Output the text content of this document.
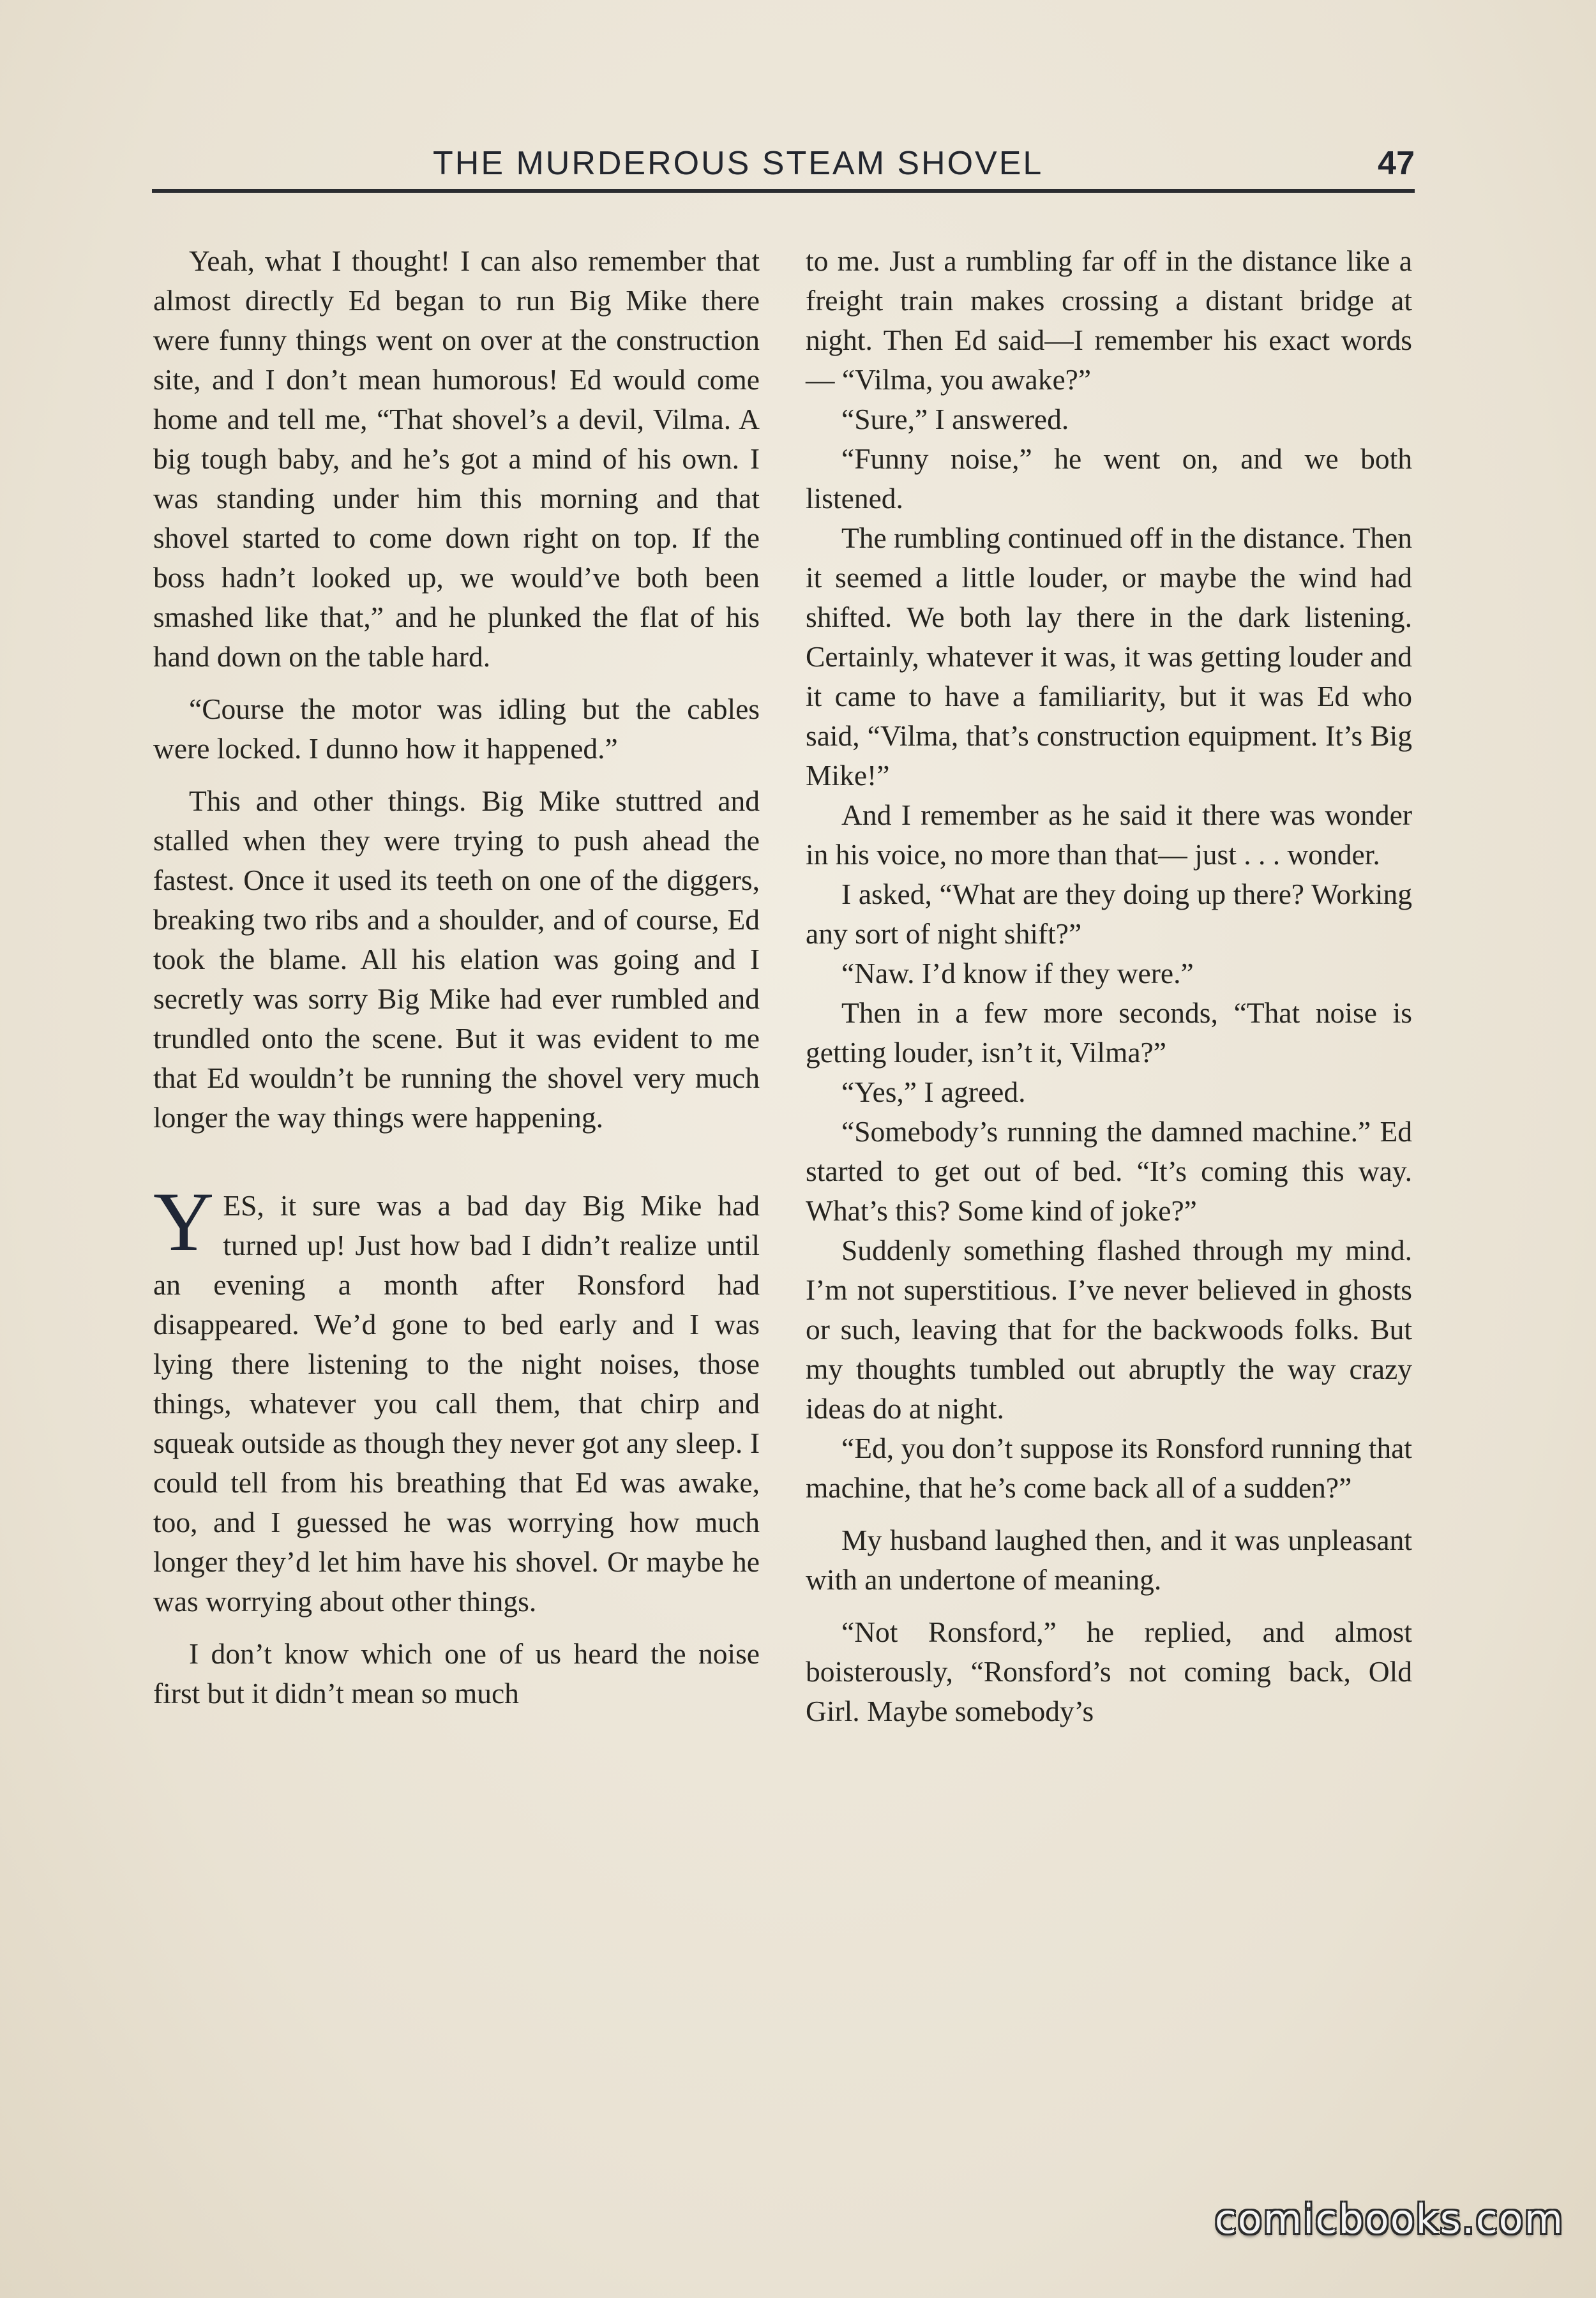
THE MURDEROUS STEAM SHOVEL	47

Yeah, what I thought! I can also remember that almost directly Ed began to run Big Mike there were funny things went on over at the construction site, and I don’t mean humorous! Ed would come home and tell me, “That shovel’s a devil, Vilma. A big tough baby, and he’s got a mind of his own. I was standing under him this morning and that shovel started to come down right on top. If the boss hadn’t looked up, we would’ve both been smashed like that,” and he plunked the flat of his hand down on the table hard.

“Course the motor was idling but the cables were locked. I dunno how it happened.”

This and other things. Big Mike stuttred and stalled when they were trying to push ahead the fastest. Once it used its teeth on one of the diggers, breaking two ribs and a shoulder, and of course, Ed took the blame. All his elation was going and I secretly was sorry Big Mike had ever rumbled and trundled onto the scene. But it was evident to me that Ed wouldn’t be running the shovel very much longer the way things were happening.

YES, it sure was a bad day Big Mike had turned up! Just how bad I didn’t realize until an evening a month after Ronsford had disappeared. We’d gone to bed early and I was lying there listening to the night noises, those things, whatever you call them, that chirp and squeak outside as though they never got any sleep. I could tell from his breathing that Ed was awake, too, and I guessed he was worrying how much longer they’d let him have his shovel. Or maybe he was worrying about other things.

I don’t know which one of us heard the noise first but it didn’t mean so much

to me. Just a rumbling far off in the distance like a freight train makes crossing a distant bridge at night. Then Ed said—I remember his exact words— “Vilma, you awake?”

“Sure,” I answered.

“Funny noise,” he went on, and we both listened.

The rumbling continued off in the distance. Then it seemed a little louder, or maybe the wind had shifted. We both lay there in the dark listening. Certainly, whatever it was, it was getting louder and it came to have a familiarity, but it was Ed who said, “Vilma, that’s construction equipment. It’s Big Mike!”

And I remember as he said it there was wonder in his voice, no more than that— just . . . wonder.

I asked, “What are they doing up there? Working any sort of night shift?”

“Naw. I’d know if they were.”

Then in a few more seconds, “That noise is getting louder, isn’t it, Vilma?”

“Yes,” I agreed.

“Somebody’s running the damned machine.” Ed started to get out of bed. “It’s coming this way. What’s this? Some kind of joke?”

Suddenly something flashed through my mind. I’m not superstitious. I’ve never believed in ghosts or such, leaving that for the backwoods folks. But my thoughts tumbled out abruptly the way crazy ideas do at night.

“Ed, you don’t suppose its Ronsford running that machine, that he’s come back all of a sudden?”

My husband laughed then, and it was unpleasant with an undertone of meaning.

“Not Ronsford,” he replied, and almost boisterously, “Ronsford’s not coming back, Old Girl. Maybe somebody’s

comicbooks.com
